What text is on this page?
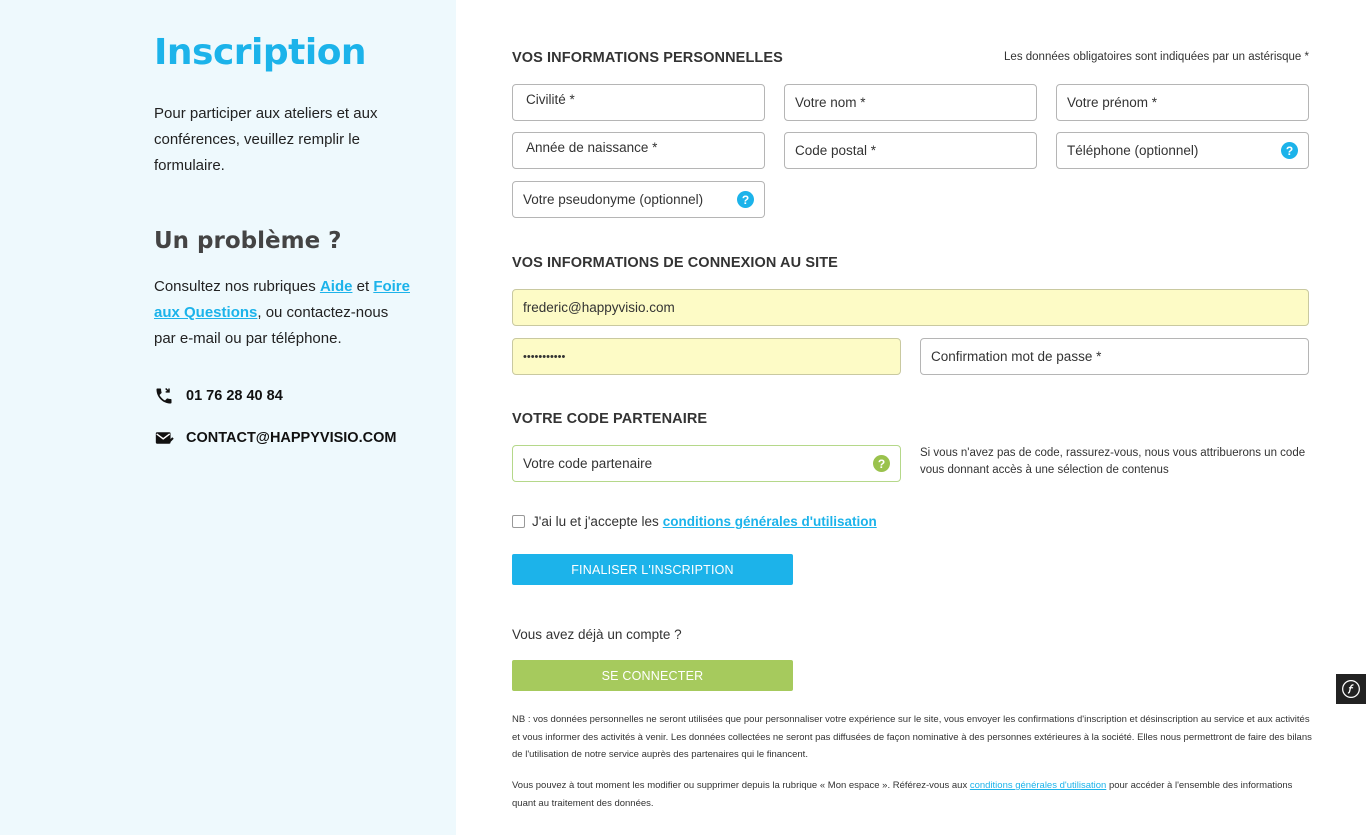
Inscription

Pour participer aux ateliers et aux conférences, veuillez remplir le formulaire.

Un problème ?

Consultez nos rubriques Aide et Foire aux Questions, ou contactez-nous par e-mail ou par téléphone.

01 76 28 40 84
CONTACT@HAPPYVISIO.COM
VOS INFORMATIONS PERSONNELLES	Les données obligatoires sont indiquées par un astérisque *
Civilité *	Votre nom *	Votre prénom *
Année de naissance *	Code postal *	Téléphone (optionnel)	?
Votre pseudonyme (optionnel)	?
VOS INFORMATIONS DE CONNEXION AU SITE
frederic@happyvisio.com
•••••••••••	Confirmation mot de passe *
VOTRE CODE PARTENAIRE
Votre code partenaire	?
Si vous n'avez pas de code, rassurez-vous, nous vous attribuerons un code vous donnant accès à une sélection de contenus
J'ai lu et j'accepte les conditions générales d'utilisation
FINALISER L'INSCRIPTION
Vous avez déjà un compte ?
SE CONNECTER

NB : vos données personnelles ne seront utilisées que pour personnaliser votre expérience sur le site, vous envoyer les confirmations d'inscription et désinscription au service et aux activités et vous informer des activités à venir. Les données collectées ne seront pas diffusées de façon nominative à des personnes extérieures à la société. Elles nous permettront de faire des bilans de l'utilisation de notre service auprès des partenaires qui le financent.

Vous pouvez à tout moment les modifier ou supprimer depuis la rubrique « Mon espace ». Référez-vous aux conditions générales d'utilisation pour accéder à l'ensemble des informations quant au traitement des données.
